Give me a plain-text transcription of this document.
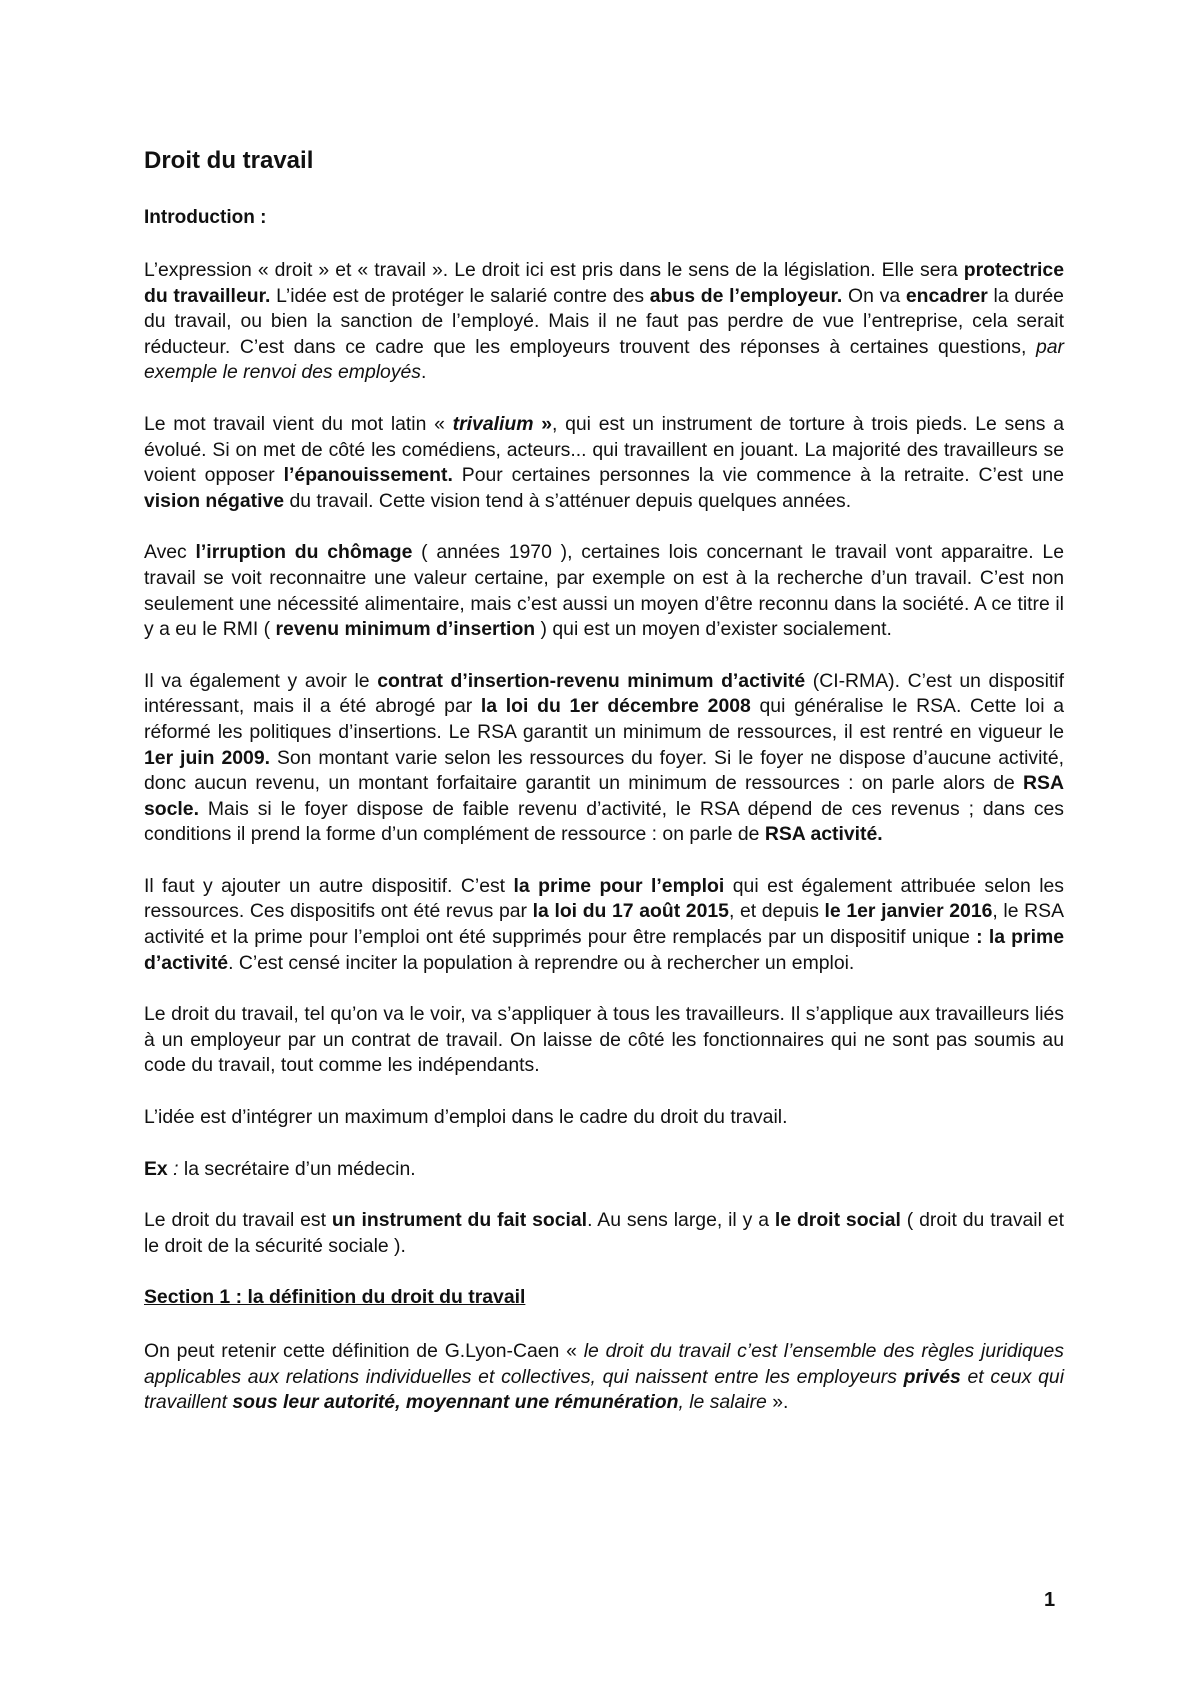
Droit du travail
Introduction :

L’expression « droit » et « travail ». Le droit ici est pris dans le sens de la législation. Elle sera protectrice du travailleur. L’idée est de protéger le salarié contre des abus de l’employeur. On va encadrer la durée du travail, ou bien la sanction de l’employé. Mais il ne faut pas perdre de vue l’entreprise, cela serait réducteur. C’est dans ce cadre que les employeurs trouvent des réponses à certaines questions, par exemple le renvoi des employés.

Le mot travail vient du mot latin « trivalium », qui est un instrument de torture à trois pieds. Le sens a évolué. Si on met de côté les comédiens, acteurs... qui travaillent en jouant. La majorité des travailleurs se voient opposer l’épanouissement. Pour certaines personnes la vie commence à la retraite. C’est une vision négative du travail. Cette vision tend à s’atténuer depuis quelques années.

Avec l’irruption du chômage ( années 1970 ), certaines lois concernant le travail vont apparaitre. Le travail se voit reconnaitre une valeur certaine, par exemple on est à la recherche d’un travail. C’est non seulement une nécessité alimentaire, mais c’est aussi un moyen d’être reconnu dans la société. A ce titre il y a eu le RMI ( revenu minimum d’insertion ) qui est un moyen d’exister socialement.

Il va également y avoir le contrat d’insertion-revenu minimum d’activité (CI-RMA). C’est un dispositif intéressant, mais il a été abrogé par la loi du 1er décembre 2008 qui généralise le RSA. Cette loi a réformé les politiques d’insertions. Le RSA garantit un minimum de ressources, il est rentré en vigueur le 1er juin 2009. Son montant varie selon les ressources du foyer. Si le foyer ne dispose d’aucune activité, donc aucun revenu, un montant forfaitaire garantit un minimum de ressources : on parle alors de RSA socle. Mais si le foyer dispose de faible revenu d’activité, le RSA dépend de ces revenus ; dans ces conditions il prend la forme d’un complément de ressource : on parle de RSA activité.

Il faut y ajouter un autre dispositif. C’est la prime pour l’emploi qui est également attribuée selon les ressources. Ces dispositifs ont été revus par la loi du 17 août 2015, et depuis le 1er janvier 2016, le RSA activité et la prime pour l’emploi ont été supprimés pour être remplacés par un dispositif unique : la prime d’activité. C’est censé inciter la population à reprendre ou à rechercher un emploi.

Le droit du travail, tel qu’on va le voir, va s’appliquer à tous les travailleurs. Il s’applique aux travailleurs liés à un employeur par un contrat de travail. On laisse de côté les fonctionnaires qui ne sont pas soumis au code du travail, tout comme les indépendants.

L’idée est d’intégrer un maximum d’emploi dans le cadre du droit du travail.

Ex : la secrétaire d’un médecin.

Le droit du travail est un instrument du fait social. Au sens large, il y a le droit social ( droit du travail et le droit de la sécurité sociale ).

Section 1 : la définition du droit du travail

On peut retenir cette définition de G.Lyon-Caen « le droit du travail c’est l’ensemble des règles juridiques applicables aux relations individuelles et collectives, qui naissent entre les employeurs privés et ceux qui travaillent sous leur autorité, moyennant une rémunération, le salaire ».

1
